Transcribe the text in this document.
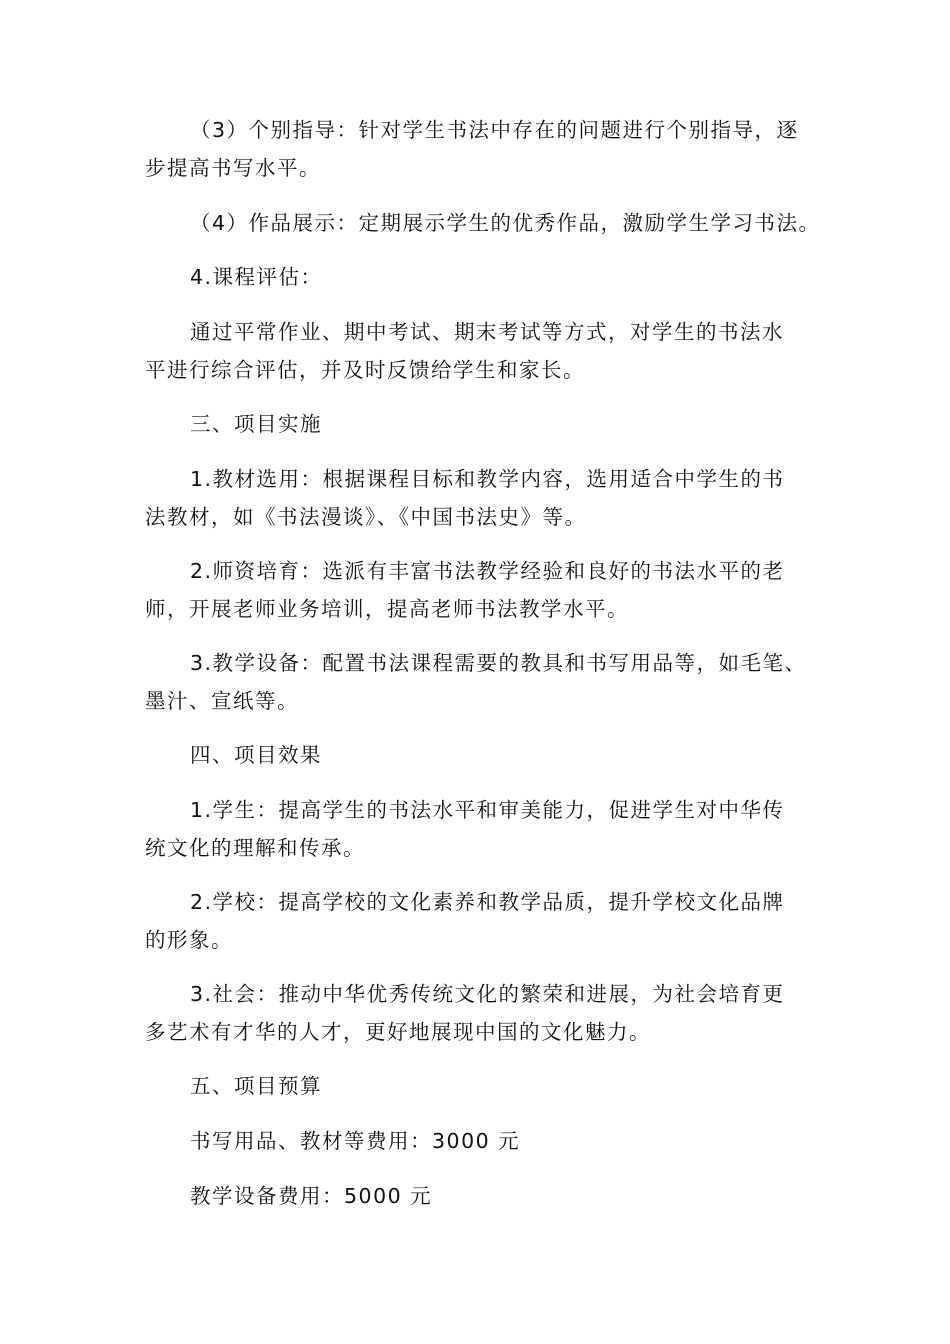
（3）个别指导：针对学生书法中存在的问题进行个别指导，逐
步提高书写水平。
（4）作品展示：定期展示学生的优秀作品，激励学生学习书法。
4.课程评估：
通过平常作业、期中考试、期末考试等方式，对学生的书法水
平进行综合评估，并及时反馈给学生和家长。
三、项目实施
1.教材选用：根据课程目标和教学内容，选用适合中学生的书
法教材，如《书法漫谈》、《中国书法史》等。
2.师资培育：选派有丰富书法教学经验和良好的书法水平的老
师，开展老师业务培训，提高老师书法教学水平。
3.教学设备：配置书法课程需要的教具和书写用品等，如毛笔、
墨汁、宣纸等。
四、项目效果
1.学生：提高学生的书法水平和审美能力，促进学生对中华传
统文化的理解和传承。
2.学校：提高学校的文化素养和教学品质，提升学校文化品牌
的形象。
3.社会：推动中华优秀传统文化的繁荣和进展，为社会培育更
多艺术有才华的人才，更好地展现中国的文化魅力。
五、项目预算
书写用品、教材等费用：3000 元
教学设备费用：5000 元
